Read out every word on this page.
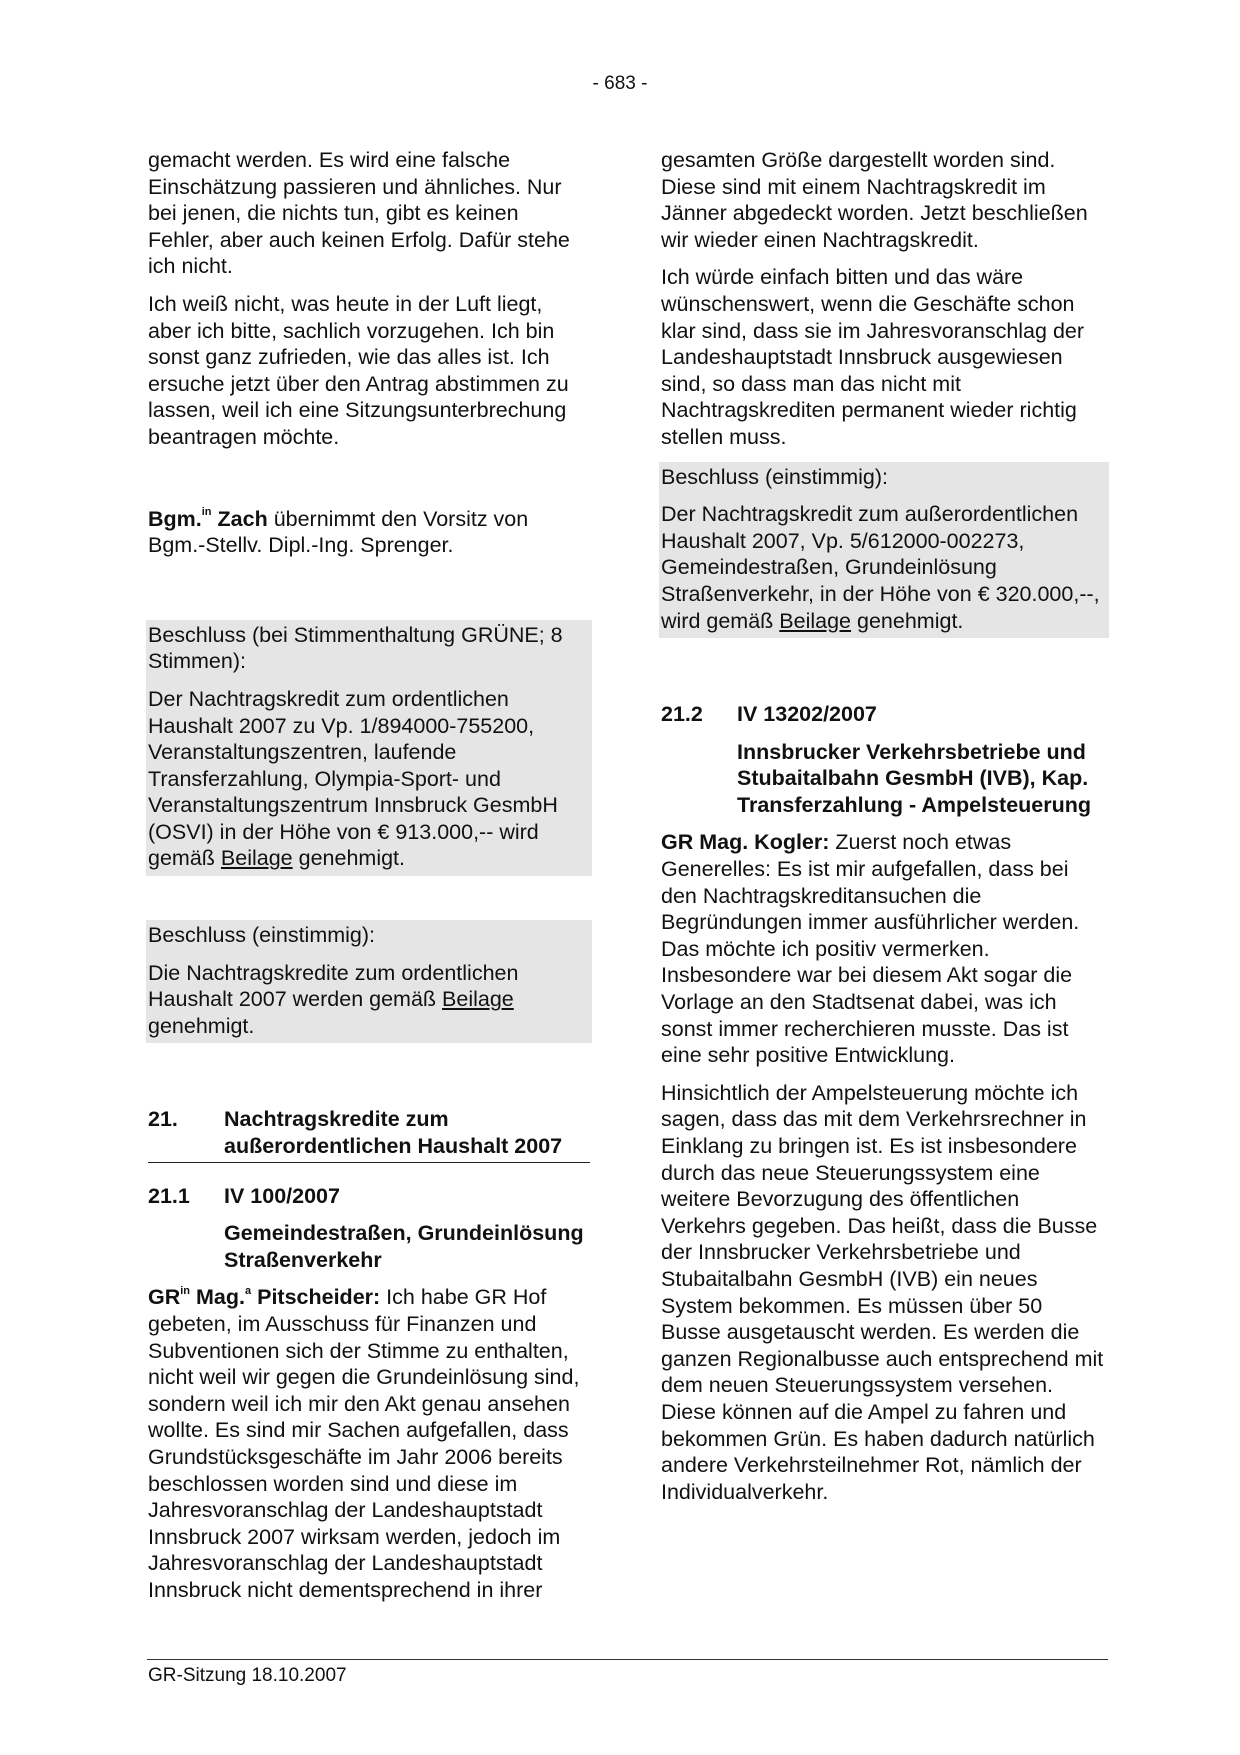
- 683 -

gemacht werden. Es wird eine falsche Einschätzung passieren und ähnliches. Nur bei jenen, die nichts tun, gibt es keinen Fehler, aber auch keinen Erfolg. Dafür stehe ich nicht.

Ich weiß nicht, was heute in der Luft liegt, aber ich bitte, sachlich vorzugehen. Ich bin sonst ganz zufrieden, wie das alles ist. Ich ersuche jetzt über den Antrag abstimmen zu lassen, weil ich eine Sitzungsunterbrechung beantragen möchte.

Bgm.$^{in}$ Zach übernimmt den Vorsitz von Bgm.-Stellv. Dipl.-Ing. Sprenger.

Beschluss (bei Stimmenthaltung GRÜNE; 8 Stimmen):

Der Nachtragskredit zum ordentlichen Haushalt 2007 zu Vp. 1/894000-755200, Veranstaltungszentren, laufende Transferzahlung, Olympia-Sport- und Veranstaltungszentrum Innsbruck GesmbH (OSVI) in der Höhe von € 913.000,-- wird gemäß Beilage genehmigt.

Beschluss (einstimmig):

Die Nachtragskredite zum ordentlichen Haushalt 2007 werden gemäß Beilage genehmigt.

21.	Nachtragskredite zum außerordentlichen Haushalt 2007
21.1	IV 100/2007
Gemeindestraßen, Grundeinlösung Straßenverkehr

$GR^{in}$ Mag.$^a$ Pitscheider: Ich habe GR Hof gebeten, im Ausschuss für Finanzen und Subventionen sich der Stimme zu enthalten, nicht weil wir gegen die Grundeinlösung sind, sondern weil ich mir den Akt genau ansehen wollte. Es sind mir Sachen aufgefallen, dass Grundstücksgeschäfte im Jahr 2006 bereits beschlossen worden sind und diese im Jahresvoranschlag der Landeshauptstadt Innsbruck 2007 wirksam werden, jedoch im Jahresvoranschlag der Landeshauptstadt Innsbruck nicht dementsprechend in ihrer

gesamten Größe dargestellt worden sind. Diese sind mit einem Nachtragskredit im Jänner abgedeckt worden. Jetzt beschließen wir wieder einen Nachtragskredit.

Ich würde einfach bitten und das wäre wünschenswert, wenn die Geschäfte schon klar sind, dass sie im Jahresvoranschlag der Landeshauptstadt Innsbruck ausgewiesen sind, so dass man das nicht mit Nachtragskrediten permanent wieder richtig stellen muss.

Beschluss (einstimmig):

Der Nachtragskredit zum außerordentlichen Haushalt 2007, Vp. 5/612000-002273, Gemeindestraßen, Grundeinlösung Straßenverkehr, in der Höhe von € 320.000,--, wird gemäß Beilage genehmigt.

21.2	IV 13202/2007
Innsbrucker Verkehrsbetriebe und Stubaitalbahn GesmbH (IVB), Kap. Transferzahlung - Ampelsteuerung

GR Mag. Kogler: Zuerst noch etwas Generelles: Es ist mir aufgefallen, dass bei den Nachtragskreditansuchen die Begründungen immer ausführlicher werden. Das möchte ich positiv vermerken. Insbesondere war bei diesem Akt sogar die Vorlage an den Stadtsenat dabei, was ich sonst immer recherchieren musste. Das ist eine sehr positive Entwicklung.

Hinsichtlich der Ampelsteuerung möchte ich sagen, dass das mit dem Verkehrsrechner in Einklang zu bringen ist. Es ist insbesondere durch das neue Steuerungssystem eine weitere Bevorzugung des öffentlichen Verkehrs gegeben. Das heißt, dass die Busse der Innsbrucker Verkehrsbetriebe und Stubaitalbahn GesmbH (IVB) ein neues System bekommen. Es müssen über 50 Busse ausgetauscht werden. Es werden die ganzen Regionalbusse auch entsprechend mit dem neuen Steuerungssystem versehen. Diese können auf die Ampel zu fahren und bekommen Grün. Es haben dadurch natürlich andere Verkehrsteilnehmer Rot, nämlich der Individualverkehr.

GR-Sitzung 18.10.2007
